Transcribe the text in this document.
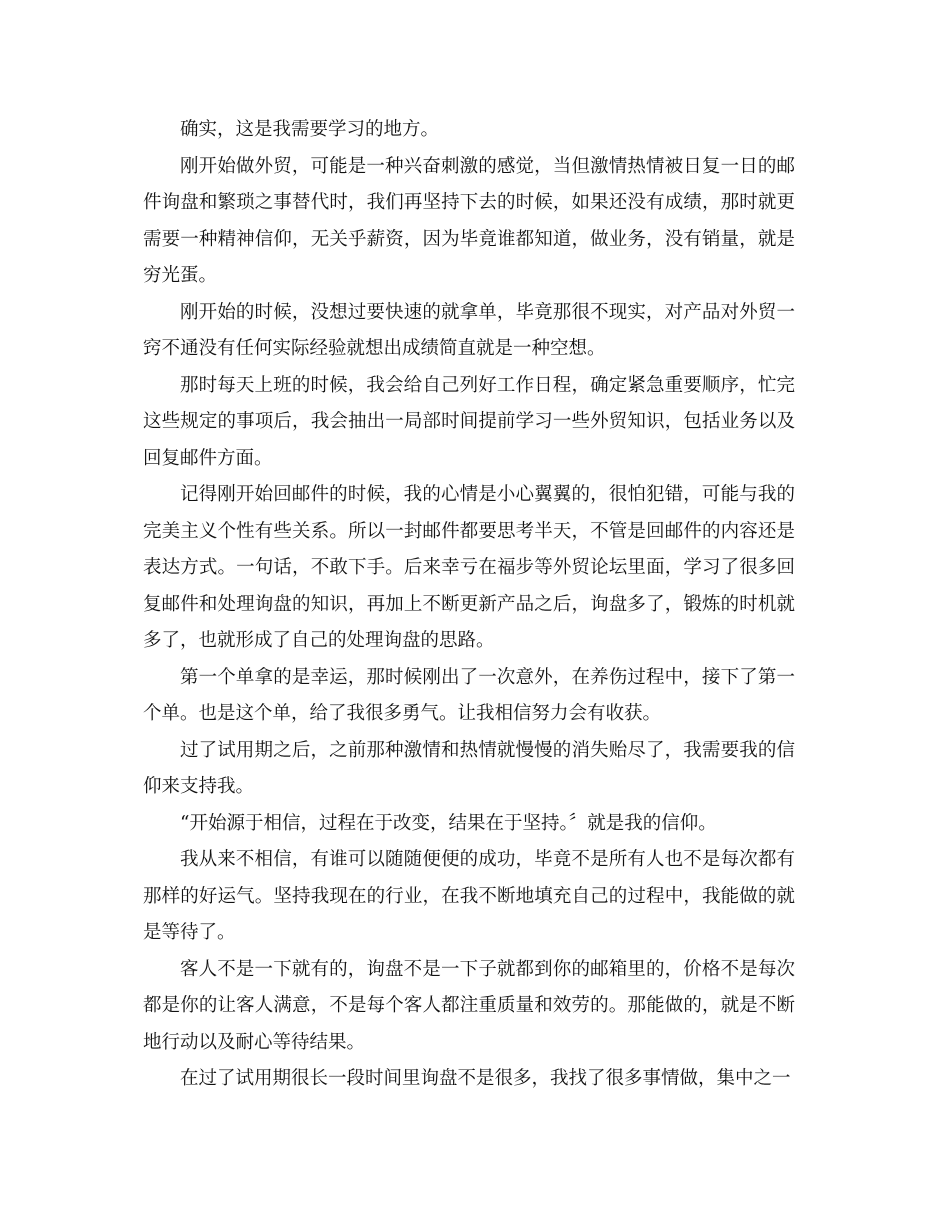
确实，这是我需要学习的地方。

刚开始做外贸，可能是一种兴奋刺激的感觉，当但激情热情被日复一日的邮件询盘和繁琐之事替代时，我们再坚持下去的时候，如果还没有成绩，那时就更需要一种精神信仰，无关乎薪资，因为毕竟谁都知道，做业务，没有销量，就是穷光蛋。

刚开始的时候，没想过要快速的就拿单，毕竟那很不现实，对产品对外贸一窍不通没有任何实际经验就想出成绩简直就是一种空想。

那时每天上班的时候，我会给自己列好工作日程，确定紧急重要顺序，忙完这些规定的事项后，我会抽出一局部时间提前学习一些外贸知识，包括业务以及回复邮件方面。

记得刚开始回邮件的时候，我的心情是小心翼翼的，很怕犯错，可能与我的完美主义个性有些关系。所以一封邮件都要思考半天，不管是回邮件的内容还是表达方式。一句话，不敢下手。后来幸亏在福步等外贸论坛里面，学习了很多回复邮件和处理询盘的知识，再加上不断更新产品之后，询盘多了，锻炼的时机就多了，也就形成了自己的处理询盘的思路。

第一个单拿的是幸运，那时候刚出了一次意外，在养伤过程中，接下了第一个单。也是这个单，给了我很多勇气。让我相信努力会有收获。

过了试用期之后，之前那种激情和热情就慢慢的消失贻尽了，我需要我的信仰来支持我。

“开始源于相信，过程在于改变，结果在于坚持。〞就是我的信仰。

我从来不相信，有谁可以随随便便的成功，毕竟不是所有人也不是每次都有那样的好运气。坚持我现在的行业，在我不断地填充自己的过程中，我能做的就是等待了。

客人不是一下就有的，询盘不是一下子就都到你的邮箱里的，价格不是每次都是你的让客人满意，不是每个客人都注重质量和效劳的。那能做的，就是不断地行动以及耐心等待结果。

在过了试用期很长一段时间里询盘不是很多，我找了很多事情做，集中之一
